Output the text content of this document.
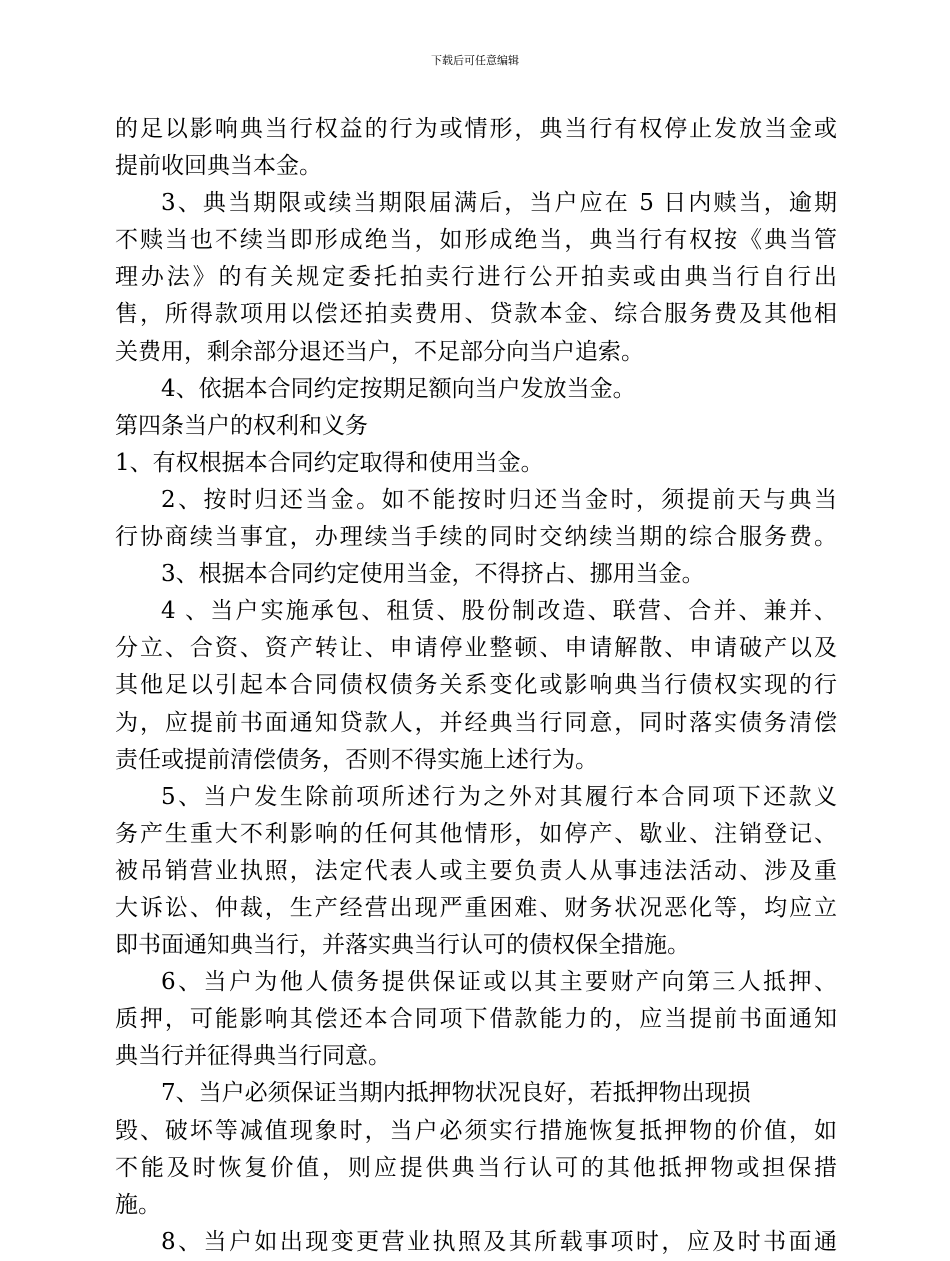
下载后可任意编辑
的足以影响典当行权益的行为或情形，典当行有权停止发放当金或
提前收回典当本金。
3、典当期限或续当期限届满后，当户应在 5 日内赎当，逾期
不赎当也不续当即形成绝当，如形成绝当，典当行有权按《典当管
理办法》的有关规定委托拍卖行进行公开拍卖或由典当行自行出
售，所得款项用以偿还拍卖费用、贷款本金、综合服务费及其他相
关费用，剩余部分退还当户，不足部分向当户追索。
4、依据本合同约定按期足额向当户发放当金。
第四条当户的权利和义务
1、有权根据本合同约定取得和使用当金。
2、按时归还当金。如不能按时归还当金时，须提前天与典当
行协商续当事宜，办理续当手续的同时交纳续当期的综合服务费。
3、根据本合同约定使用当金，不得挤占、挪用当金。
4 、当户实施承包、租赁、股份制改造、联营、合并、兼并、
分立、合资、资产转让、申请停业整顿、申请解散、申请破产以及
其他足以引起本合同债权债务关系变化或影响典当行债权实现的行
为，应提前书面通知贷款人，并经典当行同意，同时落实债务清偿
责任或提前清偿债务，否则不得实施上述行为。
5、当户发生除前项所述行为之外对其履行本合同项下还款义
务产生重大不利影响的任何其他情形，如停产、歇业、注销登记、
被吊销营业执照，法定代表人或主要负责人从事违法活动、涉及重
大诉讼、仲裁，生产经营出现严重困难、财务状况恶化等，均应立
即书面通知典当行，并落实典当行认可的债权保全措施。
6、当户为他人债务提供保证或以其主要财产向第三人抵押、
质押，可能影响其偿还本合同项下借款能力的，应当提前书面通知
典当行并征得典当行同意。
7、当户必须保证当期内抵押物状况良好，若抵押物出现损
毁、破坏等减值现象时，当户必须实行措施恢复抵押物的价值，如
不能及时恢复价值，则应提供典当行认可的其他抵押物或担保措
施。
8、当户如出现变更营业执照及其所载事项时，应及时书面通
